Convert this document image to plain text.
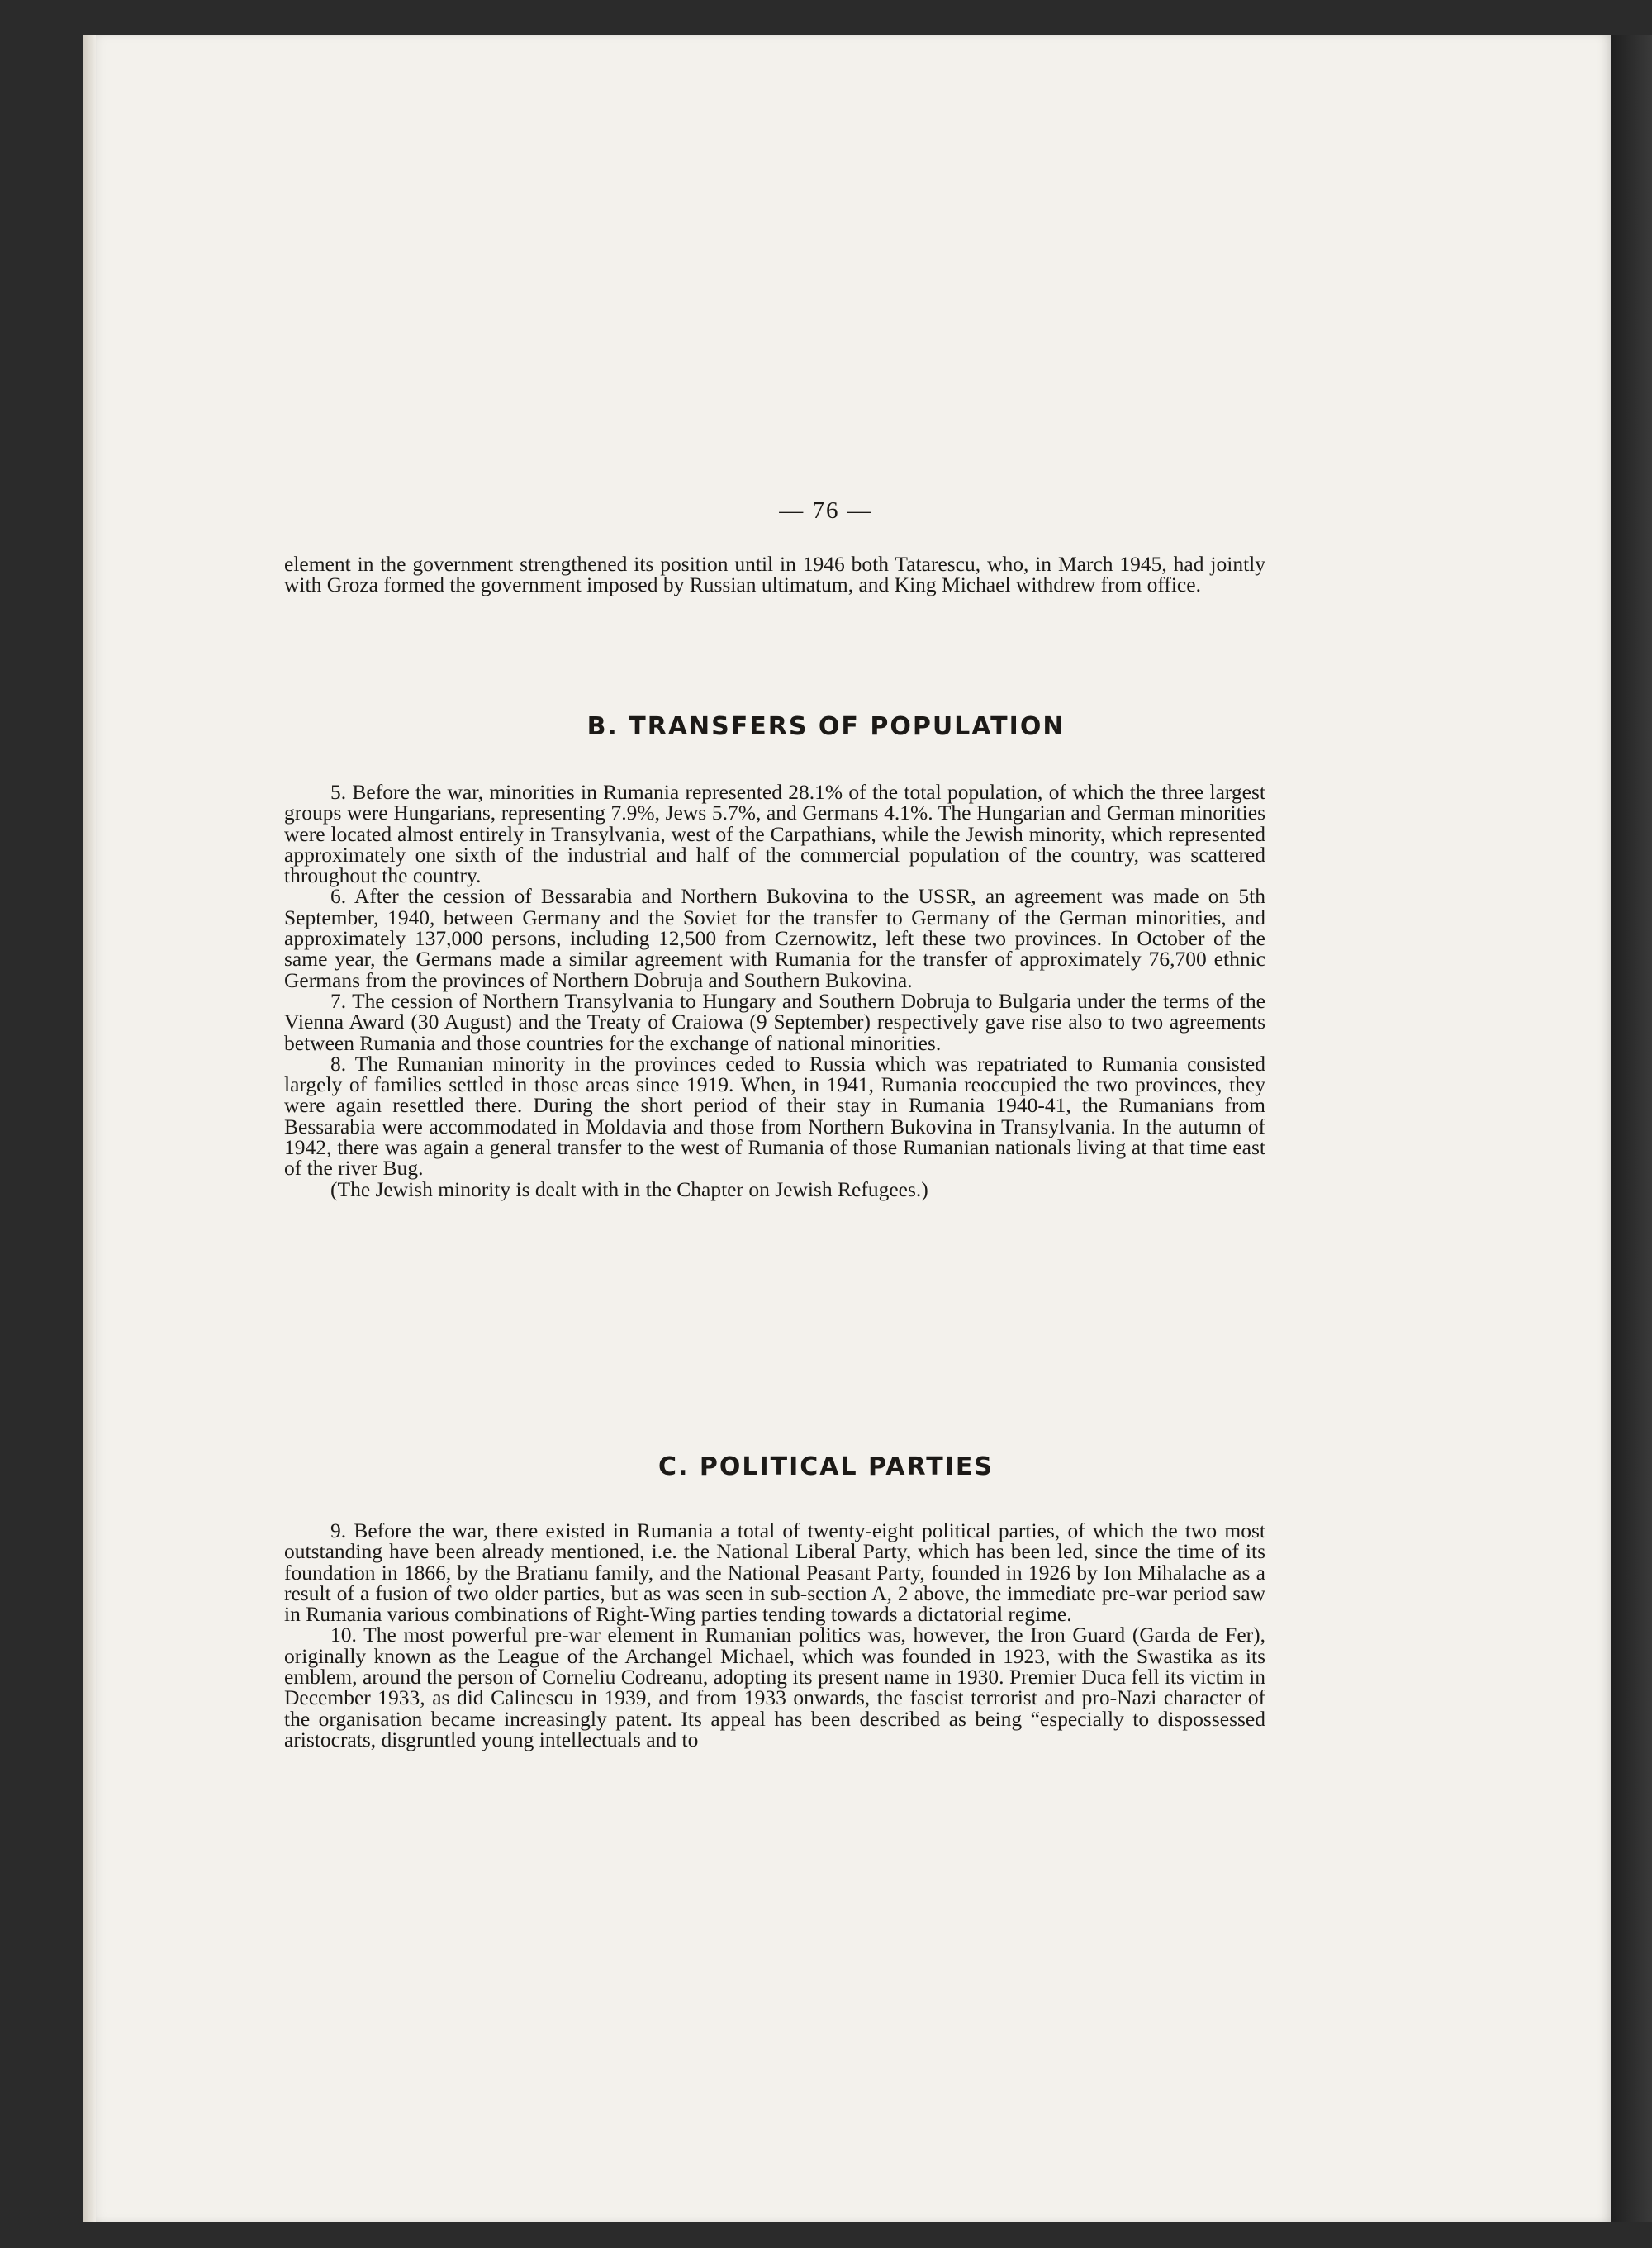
— 76 —

element in the government strengthened its position until in 1946 both Tatarescu, who, in March 1945, had jointly with Groza formed the government imposed by Russian ultimatum, and King Michael withdrew from office.

B. TRANSFERS OF POPULATION

5. Before the war, minorities in Rumania represented 28.1% of the total population, of which the three largest groups were Hungarians, representing 7.9%, Jews 5.7%, and Germans 4.1%. The Hungarian and German minorities were located almost entirely in Transylvania, west of the Carpathians, while the Jewish minority, which represented approximately one sixth of the industrial and half of the commercial population of the country, was scattered throughout the country.

6. After the cession of Bessarabia and Northern Bukovina to the USSR, an agreement was made on 5th September, 1940, between Germany and the Soviet for the transfer to Germany of the German minorities, and approximately 137,000 persons, including 12,500 from Czernowitz, left these two provinces. In October of the same year, the Germans made a similar agreement with Rumania for the transfer of approximately 76,700 ethnic Germans from the provinces of Northern Dobruja and Southern Bukovina.

7. The cession of Northern Transylvania to Hungary and Southern Dobruja to Bulgaria under the terms of the Vienna Award (30 August) and the Treaty of Craiowa (9 September) respectively gave rise also to two agreements between Rumania and those countries for the exchange of national minorities.

8. The Rumanian minority in the provinces ceded to Russia which was repatriated to Rumania consisted largely of families settled in those areas since 1919. When, in 1941, Rumania reoccupied the two provinces, they were again resettled there. During the short period of their stay in Rumania 1940-41, the Rumanians from Bessarabia were accommodated in Moldavia and those from Northern Bukovina in Transylvania. In the autumn of 1942, there was again a general transfer to the west of Rumania of those Rumanian nationals living at that time east of the river Bug.

(The Jewish minority is dealt with in the Chapter on Jewish Refugees.)

C. POLITICAL PARTIES

9. Before the war, there existed in Rumania a total of twenty-eight political parties, of which the two most outstanding have been already mentioned, i.e. the National Liberal Party, which has been led, since the time of its foundation in 1866, by the Bratianu family, and the National Peasant Party, founded in 1926 by Ion Mihalache as a result of a fusion of two older parties, but as was seen in sub-section A, 2 above, the immediate pre-war period saw in Rumania various combinations of Right-Wing parties tending towards a dictatorial regime.

10. The most powerful pre-war element in Rumanian politics was, however, the Iron Guard (Garda de Fer), originally known as the League of the Archangel Michael, which was founded in 1923, with the Swastika as its emblem, around the person of Corneliu Codreanu, adopting its present name in 1930. Premier Duca fell its victim in December 1933, as did Calinescu in 1939, and from 1933 onwards, the fascist terrorist and pro-Nazi character of the organisation became increasingly patent. Its appeal has been described as being “especially to dispossessed aristocrats, disgruntled young intellectuals and to
